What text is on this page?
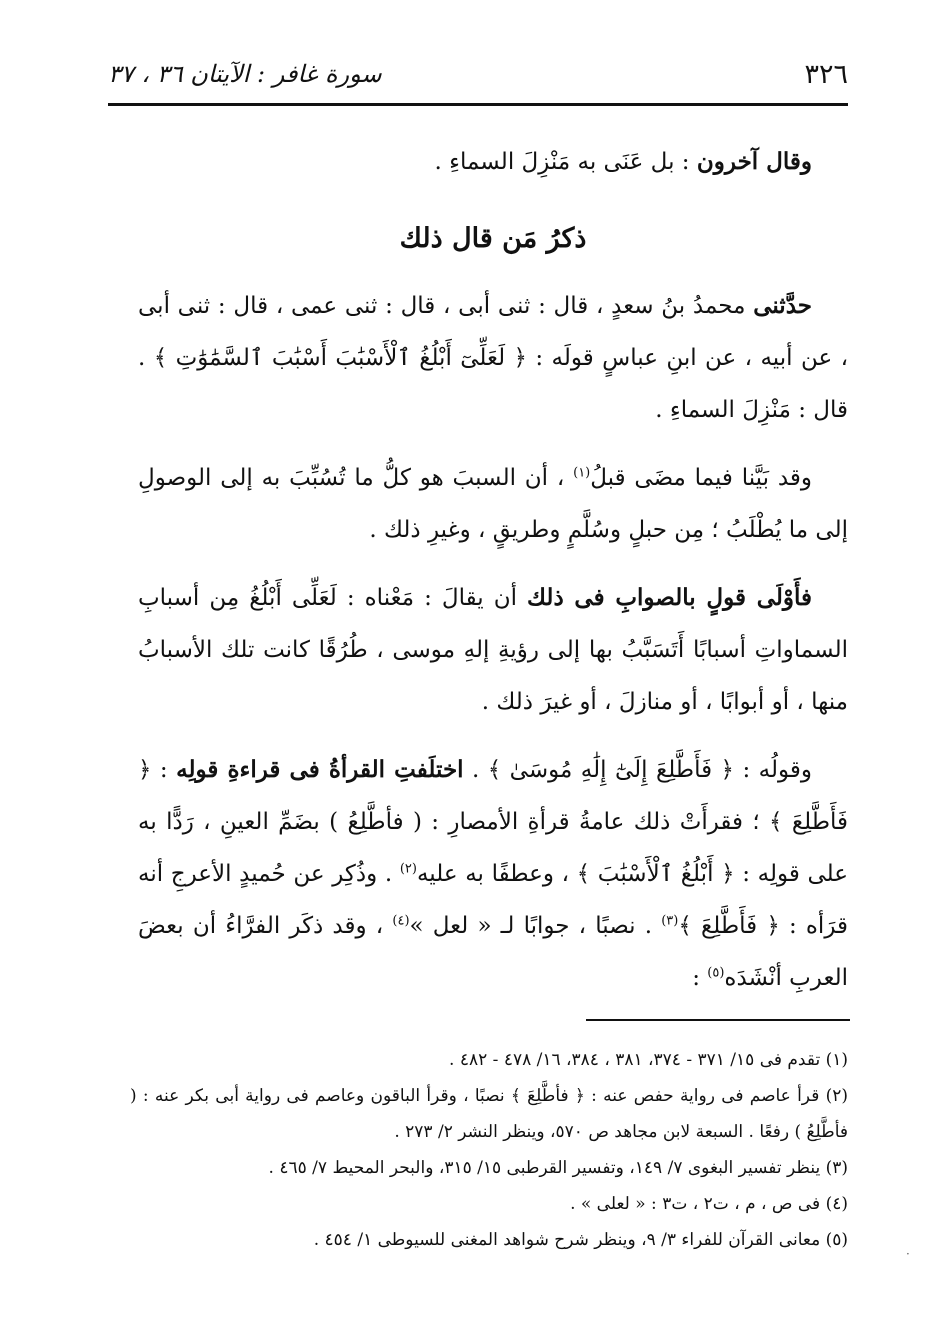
٣٢٦
سورة غافر : الآيتان ٣٦ ، ٣٧

وقال آخرون : بل عَنَى به مَنْزِلَ السماءِ .

ذكرُ مَن قال ذلك

حدَّثنى محمدُ بنُ سعدٍ ، قال : ثنى أبى ، قال : ثنى عمى ، قال : ثنى أبى ، عن أبيه ، عن ابنِ عباسٍ قولَه : ﴿ لَعَلِّىٓ أَبْلُغُ ٱلْأَسْبَٰبَ أَسْبَٰبَ ٱلسَّمَٰوَٰتِ ﴾ . قال : مَنْزِلَ السماءِ .

وقد بَيَّنا فيما مضَى قبلُ$^{(١)}$ ، أن السببَ هو كلُّ ما تُسُبِّبَ به إلى الوصولِ إلى ما يُطْلَبُ ؛ مِن حبلٍ وسُلَّمٍ وطريقٍ ، وغيرِ ذلك .

فأَوْلَى قولٍ بالصوابِ فى ذلك أن يقالَ : مَعْناه : لَعَلِّى أَبْلُغُ مِن أسبابِ السماواتِ أسبابًا أَتَسَبَّبُ بها إلى رؤيةِ إلهِ موسى ، طُرُقًا كانت تلك الأسبابُ منها ، أو أبوابًا ، أو منازلَ ، أو غيرَ ذلك .

وقولُه : ﴿ فَأَطَّلِعَ إِلَىٰٓ إِلَٰهِ مُوسَىٰ ﴾ . اختلَفتِ القرأةُ فى قراءةِ قولِه : ﴿ فَأَطَّلِعَ ﴾ ؛ فقرأَتْ ذلك عامةُ قرأةِ الأمصارِ : ( فأطَّلِعُ ) بضَمِّ العينِ ، رَدًّا به على قولِه : ﴿ أَبْلُغُ ٱلْأَسْبَٰبَ ﴾ ، وعطفًا به عليه$^{(٢)}$ . وذُكِر عن حُميدٍ الأعرجِ أنه قرَأه : ﴿ فَأَطَّلِعَ ﴾$^{(٣)}$ . نصبًا ، جوابًا لـ « لعل »$^{(٤)}$ ، وقد ذكَر الفرَّاءُ أن بعضَ العربِ أنْشَدَه$^{(٥)}$ :

(١) تقدم فى ١٥/ ٣٧١ - ٣٧٤، ٣٨١ ، ٣٨٤، ١٦/ ٤٧٨ - ٤٨٢ .

(٢) قرأ عاصم فى رواية حفص عنه : ﴿ فأطَّلِعَ ﴾ نصبًا ، وقرأ الباقون وعاصم فى رواية أبى بكر عنه : ( فأطَّلِعُ ) رفعًا . السبعة لابن مجاهد ص ٥٧٠، وينظر النشر ٢/ ٢٧٣ .

(٣) ينظر تفسير البغوى ٧/ ١٤٩، وتفسير القرطبى ١٥/ ٣١٥، والبحر المحيط ٧/ ٤٦٥ .

(٤) فى ص ، م ، ت٢ ، ت٣ : « لعلى » .

(٥) معانى القرآن للفراء ٣/ ٩، وينظر شرح شواهد المغنى للسيوطى ١/ ٤٥٤ .

·
